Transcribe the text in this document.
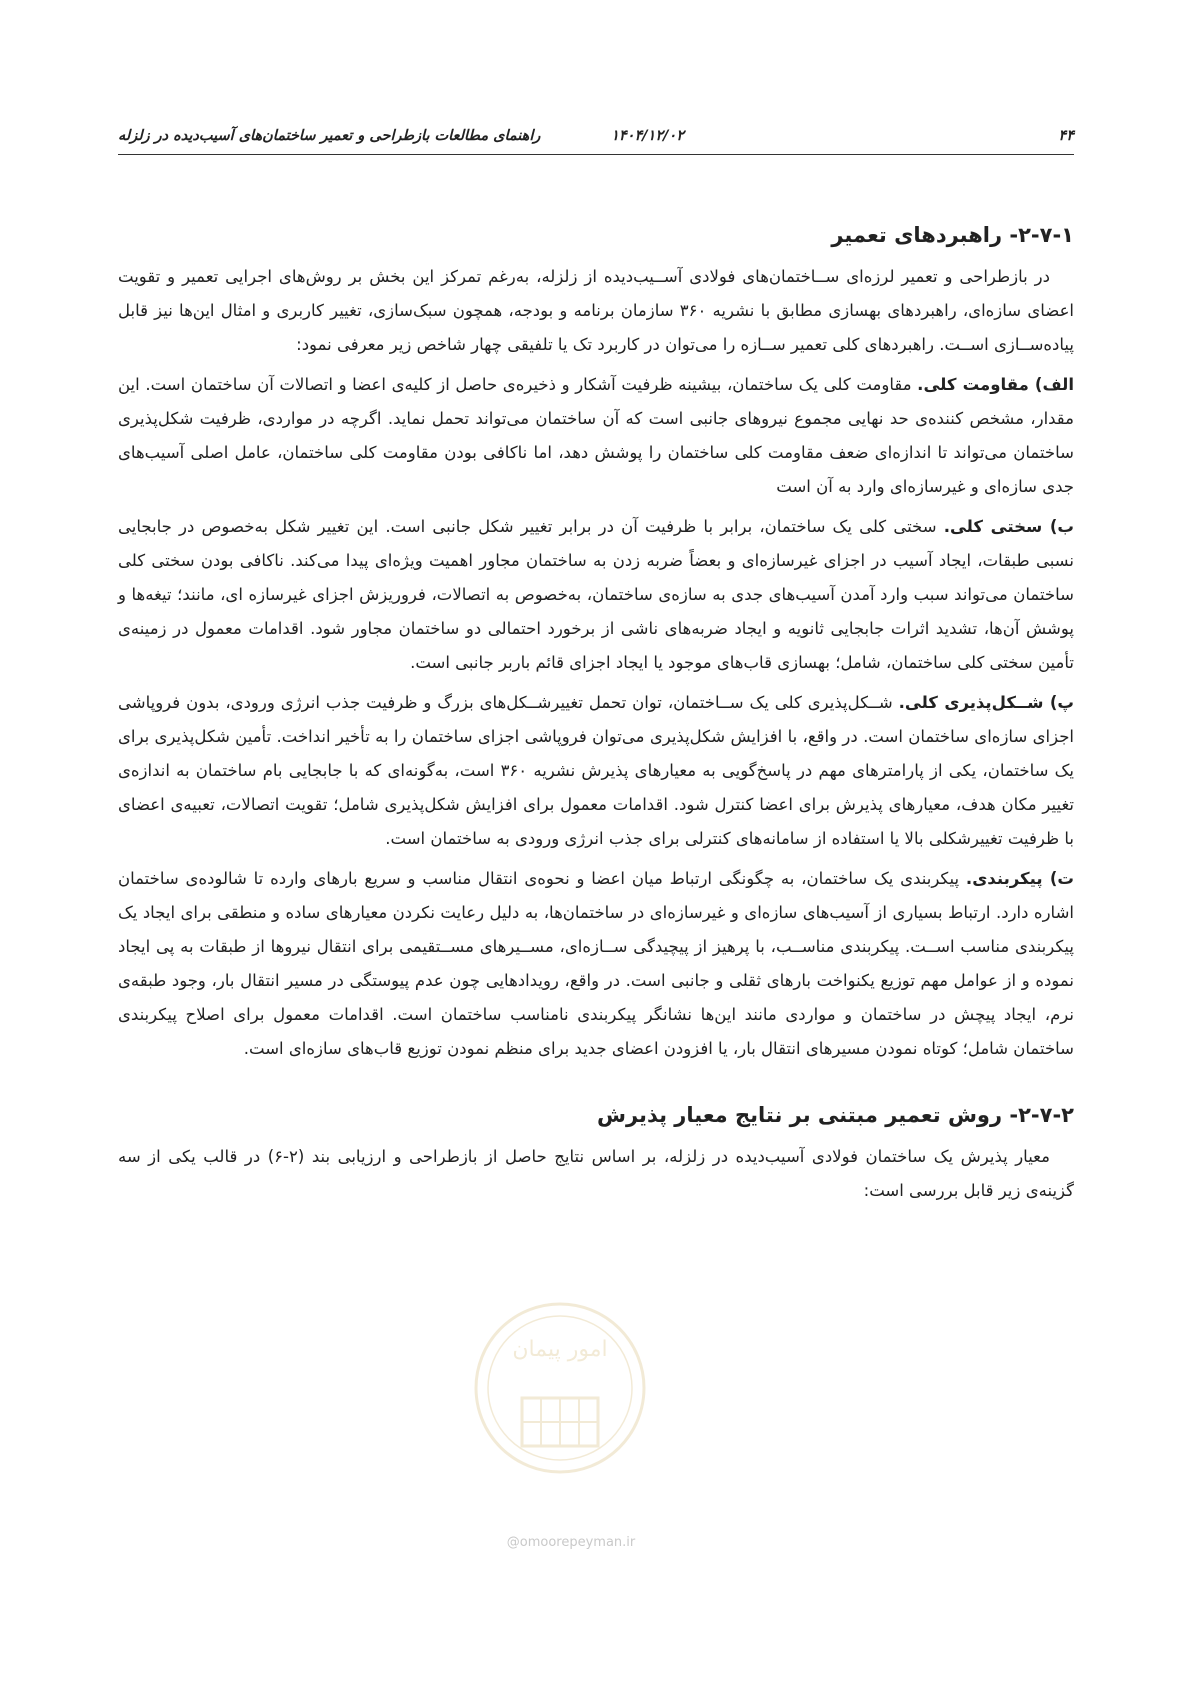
۴۴
۱۴۰۴/۱۲/۰۲
راهنمای مطالعات بازطراحی و تعمیر ساختمان‌های آسیب‌دیده در زلزله
۲-۷-۱- راهبردهای تعمیر

در بازطراحی و تعمیر لرزه‌ای ســاختمان‌های فولادی آســیب‌دیده از زلزله، به‌رغم تمرکز این بخش بر روش‌های اجرایی تعمیر و تقویت اعضای سازه‌ای، راهبردهای بهسازی مطابق با نشریه ۳۶۰ سازمان برنامه و بودجه، همچون سبک‌سازی، تغییر کاربری و امثال این‌ها نیز قابل پیاده‌ســازی اســت. راهبردهای کلی تعمیر ســازه را می‌توان در کاربرد تک یا تلفیقی چهار شاخص زیر معرفی نمود:

الف) مقاومت کلی. مقاومت کلی یک ساختمان، بیشینه ظرفیت آشکار و ذخیره‌ی حاصل از کلیه‌ی اعضا و اتصالات آن ساختمان است. این مقدار، مشخص کننده‌ی حد نهایی مجموع نیروهای جانبی است که آن ساختمان می‌تواند تحمل نماید. اگرچه در مواردی، ظرفیت شکل‌پذیری ساختمان می‌تواند تا اندازه‌ای ضعف مقاومت کلی ساختمان را پوشش دهد، اما ناکافی بودن مقاومت کلی ساختمان، عامل اصلی آسیب‌های جدی سازه‌ای و غیرسازه‌ای وارد به آن است

ب) سختی کلی. سختی کلی یک ساختمان، برابر با ظرفیت آن در برابر تغییر شکل جانبی است. این تغییر شکل به‌خصوص در جابجایی نسبی طبقات، ایجاد آسیب در اجزای غیرسازه‌ای و بعضاً ضربه زدن به ساختمان مجاور اهمیت ویژه‌ای پیدا می‌کند. ناکافی بودن سختی کلی ساختمان می‌تواند سبب وارد آمدن آسیب‌های جدی به سازه‌ی ساختمان، به‌خصوص به اتصالات، فروریزش اجزای غیرسازه ای، مانند؛ تیغه‌ها و پوشش آن‌ها، تشدید اثرات جابجایی ثانویه و ایجاد ضربه‌های ناشی از برخورد احتمالی دو ساختمان مجاور شود. اقدامات معمول در زمینه‌ی تأمین سختی کلی ساختمان، شامل؛ بهسازی قاب‌های موجود یا ایجاد اجزای قائم باربر جانبی است.

پ) شــکل‌پذیری کلی. شــکل‌پذیری کلی یک ســاختمان، توان تحمل تغییرشــکل‌های بزرگ و ظرفیت جذب انرژی ورودی، بدون فروپاشی اجزای سازه‌ای ساختمان است. در واقع، با افزایش شکل‌پذیری می‌توان فروپاشی اجزای ساختمان را به تأخیر انداخت. تأمین شکل‌پذیری برای یک ساختمان، یکی از پارامترهای مهم در پاسخ‌گویی به معیارهای پذیرش نشریه ۳۶۰ است، به‌گونه‌ای که با جابجایی بام ساختمان به اندازه‌ی تغییر مکان هدف، معیارهای پذیرش برای اعضا کنترل شود. اقدامات معمول برای افزایش شکل‌پذیری شامل؛ تقویت اتصالات، تعبیه‌ی اعضای با ظرفیت تغییرشکلی بالا یا استفاده از سامانه‌های کنترلی برای جذب انرژی ورودی به ساختمان است.

ت) پیکربندی. پیکربندی یک ساختمان، به چگونگی ارتباط میان اعضا و نحوه‌ی انتقال مناسب و سریع بارهای وارده تا شالوده‌ی ساختمان اشاره دارد. ارتباط بسیاری از آسیب‌های سازه‌ای و غیرسازه‌ای در ساختمان‌ها، به دلیل رعایت نکردن معیارهای ساده و منطقی برای ایجاد یک پیکربندی مناسب اســت. پیکربندی مناســب، با پرهیز از پیچیدگی ســازه‌ای، مســیرهای مســتقیمی برای انتقال نیروها از طبقات به پی ایجاد نموده و از عوامل مهم توزیع یکنواخت بارهای ثقلی و جانبی است. در واقع، رویدادهایی چون عدم پیوستگی در مسیر انتقال بار، وجود طبقه‌ی نرم، ایجاد پیچش در ساختمان و مواردی مانند این‌ها نشانگر پیکربندی نامناسب ساختمان است. اقدامات معمول برای اصلاح پیکربندی ساختمان شامل؛ کوتاه نمودن مسیرهای انتقال بار، یا افزودن اعضای جدید برای منظم نمودن توزیع قاب‌های سازه‌ای است.

۲-۷-۲- روش تعمیر مبتنی بر نتایج معیار پذیرش

معیار پذیرش یک ساختمان فولادی آسیب‌دیده در زلزله، بر اساس نتایج حاصل از بازطراحی و ارزیابی بند (۲-۶) در قالب یکی از سه گزینه‌ی زیر قابل بررسی است:

امور پیمان
@omoorepeyman.ir
